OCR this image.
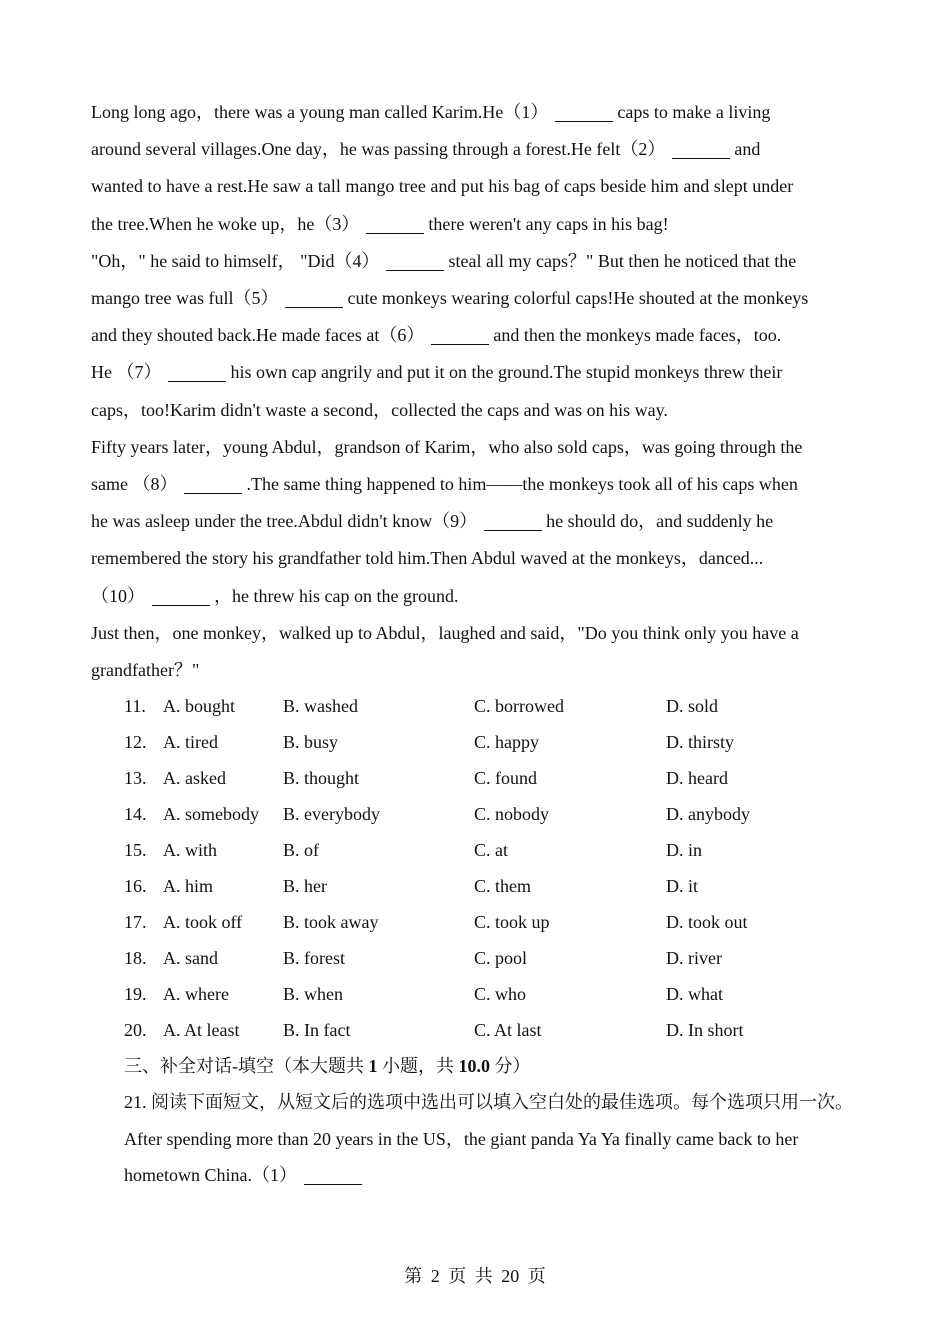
Long long ago，there was a young man called Karim.He（1）	caps to make a living

around several villages.One day，he was passing through a forest.He felt（2）	and

wanted to have a rest.He saw a tall mango tree and put his bag of caps beside him and slept under

the tree.When he woke up，he（3）	there weren't any caps in his bag!

"Oh，" he said to himself， "Did（4）	steal all my caps？" But then he noticed that the

mango tree was full（5）	cute monkeys wearing colorful caps!He shouted at the monkeys

and they shouted back.He made faces at（6）	and then the monkeys made faces，too.

He （7）	his own cap angrily and put it on the ground.The stupid monkeys threw their

caps，too!Karim didn't waste a second，collected the caps and was on his way.

Fifty years later，young Abdul，grandson of Karim，who also sold caps，was going through the

same （8）	.The same thing happened to him——the monkeys took all of his caps when

he was asleep under the tree.Abdul didn't know（9）	he should do，and suddenly he

remembered the story his grandfather told him.Then Abdul waved at the monkeys，danced...

（10）	，he threw his cap on the ground.

Just then，one monkey，walked up to Abdul，laughed and said，"Do you think only you have a

grandfather？"

11. A. bought	B. washed	C. borrowed	D. sold
12. A. tired	B. busy	C. happy	D. thirsty
13. A. asked	B. thought	C. found	D. heard
14. A. somebody B. everybody	C. nobody	D. anybody
15. A. with	B. of	C. at	D. in
16. A. him	B. her	C. them	D. it
17. A. took off B. took away	C. took up	D. took out
18. A. sand	B. forest	C. pool	D. river
19. A. where	B. when	C. who	D. what
20. A. At least B. In fact	C. At last	D. In short
三、补全对话-填空（本大题共 1 小题，共 10.0 分）

21. 阅读下面短文，从短文后的选项中选出可以填入空白处的最佳选项。每个选项只用一次。

After spending more than 20 years in the US，the giant panda Ya Ya finally came back to her

hometown China.（1）

第 2 页 共 20 页
